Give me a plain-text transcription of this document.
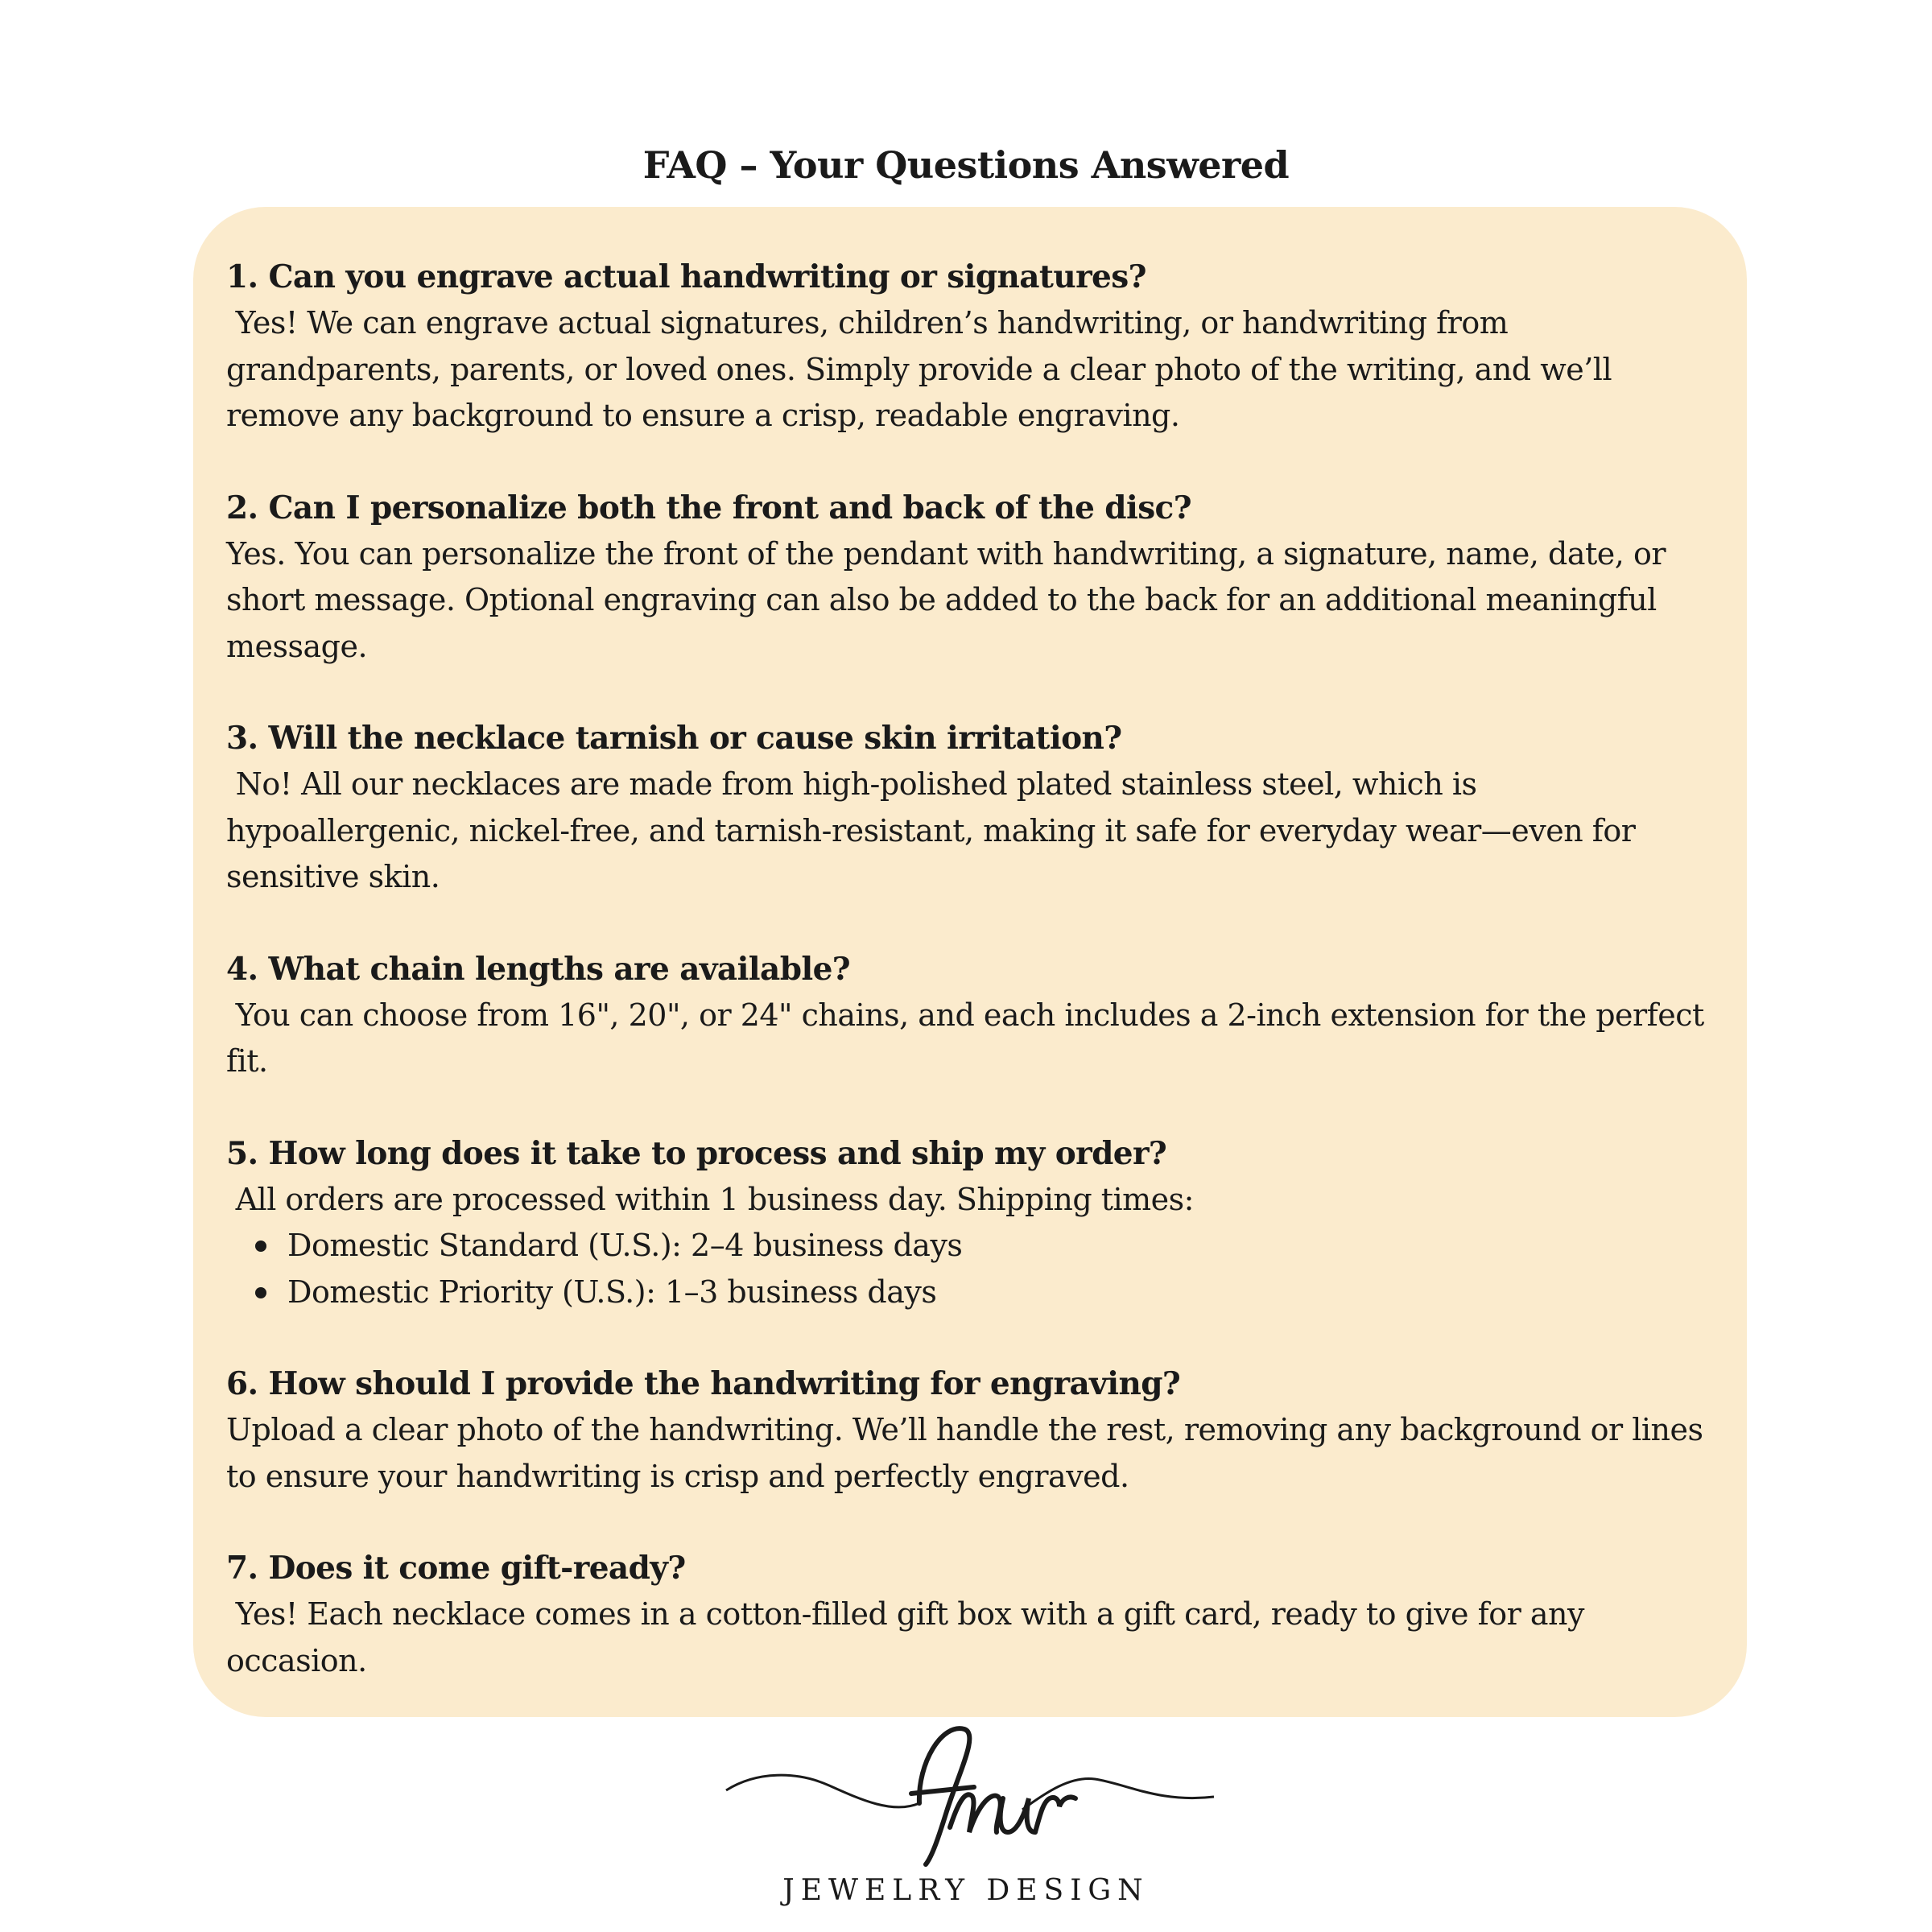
FAQ – Your Questions Answered

1. Can you engrave actual handwriting or signatures?

Yes! We can engrave actual signatures, children’s handwriting, or handwriting from grandparents, parents, or loved ones. Simply provide a clear photo of the writing, and we’ll remove any background to ensure a crisp, readable engraving.

2. Can I personalize both the front and back of the disc?

Yes. You can personalize the front of the pendant with handwriting, a signature, name, date, or short message. Optional engraving can also be added to the back for an additional meaningful message.

3. Will the necklace tarnish or cause skin irritation?

No! All our necklaces are made from high-polished plated stainless steel, which is hypoallergenic, nickel-free, and tarnish-resistant, making it safe for everyday wear—even for sensitive skin.

4. What chain lengths are available?

You can choose from 16", 20", or 24" chains, and each includes a 2-inch extension for the perfect fit.

5. How long does it take to process and ship my order?

All orders are processed within 1 business day. Shipping times:

Domestic Standard (U.S.): 2–4 business days
Domestic Priority (U.S.): 1–3 business days

6. How should I provide the handwriting for engraving?

Upload a clear photo of the handwriting. We’ll handle the rest, removing any background or lines to ensure your handwriting is crisp and perfectly engraved.

7. Does it come gift-ready?

Yes! Each necklace comes in a cotton-filled gift box with a gift card, ready to give for any occasion.

JEWELRY DESIGN
